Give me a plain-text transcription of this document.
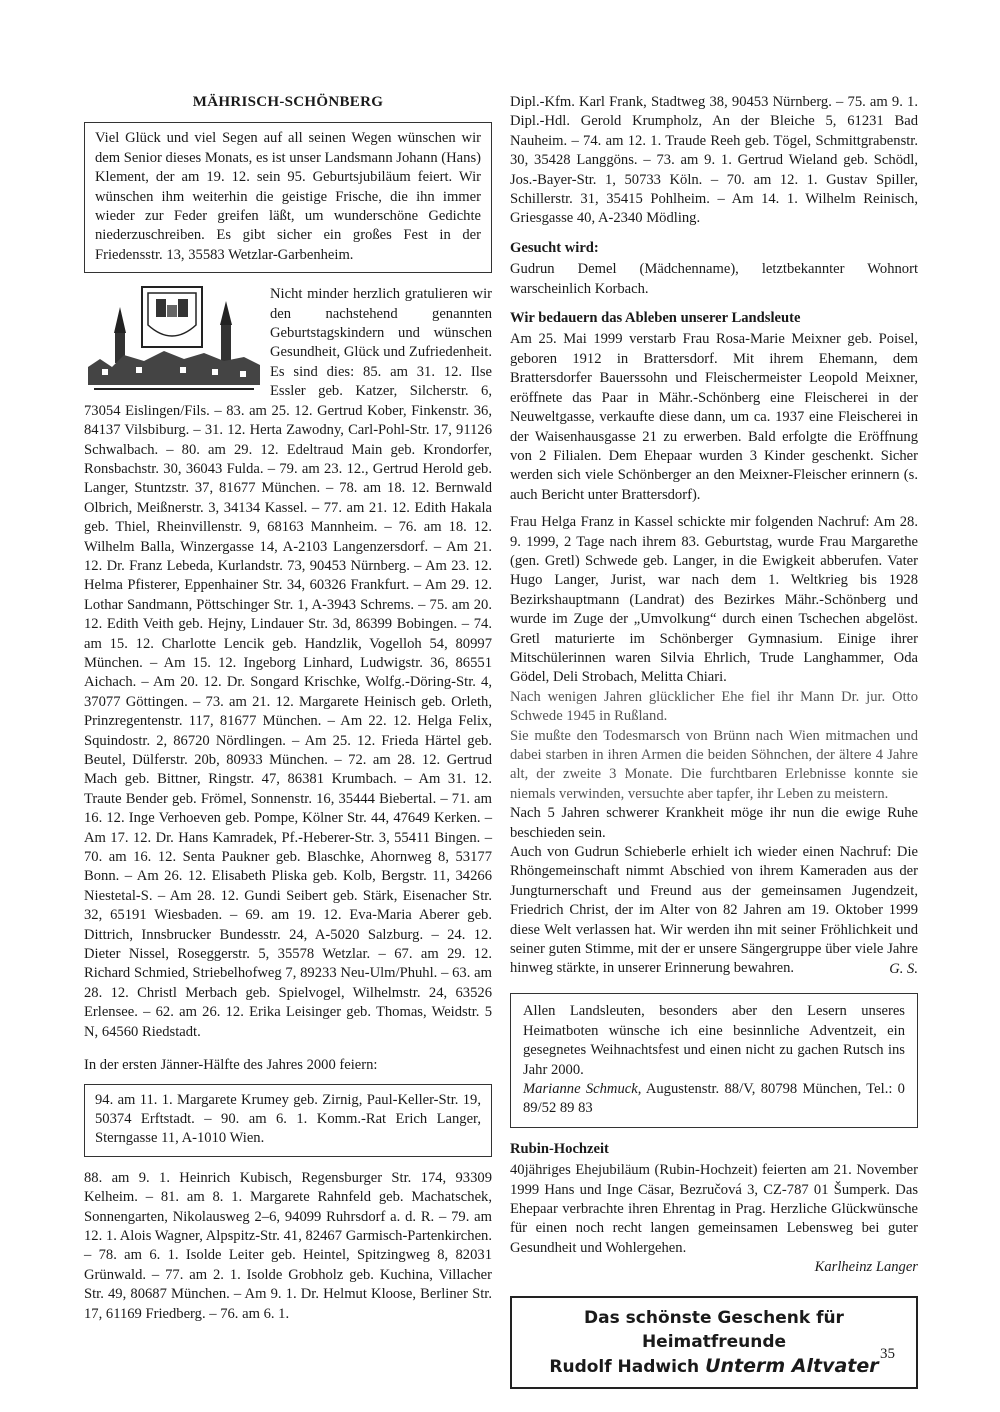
MÄHRISCH-SCHÖNBERG
Viel Glück und viel Segen auf all seinen Wegen wünschen wir dem Senior dieses Monats, es ist unser Landsmann Johann (Hans) Klement, der am 19. 12. sein 95. Geburtsjubiläum feiert. Wir wünschen ihm weiterhin die geistige Frische, die ihn immer wieder zur Feder greifen läßt, um wunderschöne Gedichte niederzuschreiben. Es gibt sicher ein großes Fest in der Friedensstr. 13, 35583 Wetzlar-Garbenheim.
Nicht minder herzlich gratulieren wir den nachstehend genannten Geburtstagskindern und wünschen Gesundheit, Glück und Zufriedenheit. Es sind dies: 85. am 31. 12. Ilse Essler geb. Katzer, Silcherstr. 6, 73054 Eislingen/Fils. – 83. am 25. 12. Gertrud Kober, Finkenstr. 36, 84137 Vilsbiburg. – 31. 12. Herta Zawodny, Carl-Pohl-Str. 17, 91126 Schwalbach. – 80. am 29. 12. Edeltraud Main geb. Krondorfer, Ronsbachstr. 30, 36043 Fulda. – 79. am 23. 12., Gertrud Herold geb. Langer, Stuntzstr. 37, 81677 München. – 78. am 18. 12. Bernwald Olbrich, Meißnerstr. 3, 34134 Kassel. – 77. am 21. 12. Edith Hakala geb. Thiel, Rheinvillenstr. 9, 68163 Mannheim. – 76. am 18. 12. Wilhelm Balla, Winzergasse 14, A-2103 Langenzersdorf. – Am 21. 12. Dr. Franz Lebeda, Kurlandstr. 73, 90453 Nürnberg. – Am 23. 12. Helma Pfisterer, Eppenhainer Str. 34, 60326 Frankfurt. – Am 29. 12. Lothar Sandmann, Pöttschinger Str. 1, A-3943 Schrems. – 75. am 20. 12. Edith Veith geb. Hejny, Lindauer Str. 3d, 86399 Bobingen. – 74. am 15. 12. Charlotte Lencik geb. Handzlik, Vogelloh 54, 80997 München. – Am 15. 12. Ingeborg Linhard, Ludwigstr. 36, 86551 Aichach. – Am 20. 12. Dr. Songard Krischke, Wolfg.-Döring-Str. 4, 37077 Göttingen. – 73. am 21. 12. Margarete Heinisch geb. Orleth, Prinzregentenstr. 117, 81677 München. – Am 22. 12. Helga Felix, Squindostr. 2, 86720 Nördlingen. – Am 25. 12. Frieda Härtel geb. Beutel, Dülferstr. 20b, 80933 München. – 72. am 28. 12. Gertrud Mach geb. Bittner, Ringstr. 47, 86381 Krumbach. – Am 31. 12. Traute Bender geb. Frömel, Sonnenstr. 16, 35444 Biebertal. – 71. am 16. 12. Inge Verhoeven geb. Pompe, Kölner Str. 44, 47649 Kerken. – Am 17. 12. Dr. Hans Kamradek, Pf.-Heberer-Str. 3, 55411 Bingen. – 70. am 16. 12. Senta Paukner geb. Blaschke, Ahornweg 8, 53177 Bonn. – Am 26. 12. Elisabeth Pliska geb. Kolb, Bergstr. 11, 34266 Niestetal-S. – Am 28. 12. Gundi Seibert geb. Stärk, Eisenacher Str. 32, 65191 Wiesbaden. – 69. am 19. 12. Eva-Maria Aberer geb. Dittrich, Innsbrucker Bundesstr. 24, A-5020 Salzburg. – 24. 12. Dieter Nissel, Roseggerstr. 5, 35578 Wetzlar. – 67. am 29. 12. Richard Schmied, Striebelhofweg 7, 89233 Neu-Ulm/Phuhl. – 63. am 28. 12. Christl Merbach geb. Spielvogel, Wilhelmstr. 24, 63526 Erlensee. – 62. am 26. 12. Erika Leisinger geb. Thomas, Weidstr. 5 N, 64560 Riedstadt.

In der ersten Jänner-Hälfte des Jahres 2000 feiern:

94. am 11. 1. Margarete Krumey geb. Zirnig, Paul-Keller-Str. 19, 50374 Erftstadt. – 90. am 6. 1. Komm.-Rat Erich Langer, Sterngasse 11, A-1010 Wien.

88. am 9. 1. Heinrich Kubisch, Regensburger Str. 174, 93309 Kelheim. – 81. am 8. 1. Margarete Rahnfeld geb. Machatschek, Sonnengarten, Nikolausweg 2–6, 94099 Ruhrsdorf a. d. R. – 79. am 12. 1. Alois Wagner, Alpspitz-Str. 41, 82467 Garmisch-Partenkirchen. – 78. am 6. 1. Isolde Leiter geb. Heintel, Spitzingweg 8, 82031 Grünwald. – 77. am 2. 1. Isolde Grobholz geb. Kuchina, Villacher Str. 49, 80687 München. – Am 9. 1. Dr. Helmut Kloose, Berliner Str. 17, 61169 Friedberg. – 76. am 6. 1.

Dipl.-Kfm. Karl Frank, Stadtweg 38, 90453 Nürnberg. – 75. am 9. 1. Dipl.-Hdl. Gerold Krumpholz, An der Bleiche 5, 61231 Bad Nauheim. – 74. am 12. 1. Traude Reeh geb. Tögel, Schmittgrabenstr. 30, 35428 Langgöns. – 73. am 9. 1. Gertrud Wieland geb. Schödl, Jos.-Bayer-Str. 1, 50733 Köln. – 70. am 12. 1. Gustav Spiller, Schillerstr. 31, 35415 Pohlheim. – Am 14. 1. Wilhelm Reinisch, Griesgasse 40, A-2340 Mödling.

Gesucht wird:

Gudrun Demel (Mädchenname), letztbekannter Wohnort warscheinlich Korbach.

Wir bedauern das Ableben unserer Landsleute

Am 25. Mai 1999 verstarb Frau Rosa-Marie Meixner geb. Poisel, geboren 1912 in Brattersdorf. Mit ihrem Ehemann, dem Brattersdorfer Bauerssohn und Fleischermeister Leopold Meixner, eröffnete das Paar in Mähr.-Schönberg eine Fleischerei in der Neuweltgasse, verkaufte diese dann, um ca. 1937 eine Fleischerei in der Waisenhausgasse 21 zu erwerben. Bald erfolgte die Eröffnung von 2 Filialen. Dem Ehepaar wurden 3 Kinder geschenkt. Sicher werden sich viele Schönberger an den Meixner-Fleischer erinnern (s. auch Bericht unter Brattersdorf).

Frau Helga Franz in Kassel schickte mir folgenden Nachruf: Am 28. 9. 1999, 2 Tage nach ihrem 83. Geburtstag, wurde Frau Margarethe (gen. Gretl) Schwede geb. Langer, in die Ewigkeit abberufen. Vater Hugo Langer, Jurist, war nach dem 1. Weltkrieg bis 1928 Bezirkshauptmann (Landrat) des Bezirkes Mähr.-Schönberg und wurde im Zuge der „Umvolkung“ durch einen Tschechen abgelöst. Gretl maturierte im Schönberger Gymnasium. Einige ihrer Mitschülerinnen waren Silvia Ehrlich, Trude Langhammer, Oda Gödel, Deli Strobach, Melitta Chiari.

Nach wenigen Jahren glücklicher Ehe fiel ihr Mann Dr. jur. Otto Schwede 1945 in Rußland.

Sie mußte den Todesmarsch von Brünn nach Wien mitmachen und dabei starben in ihren Armen die beiden Söhnchen, der ältere 4 Jahre alt, der zweite 3 Monate. Die furchtbaren Erlebnisse konnte sie niemals verwinden, versuchte aber tapfer, ihr Leben zu meistern.

Nach 5 Jahren schwerer Krankheit möge ihr nun die ewige Ruhe beschieden sein.

Auch von Gudrun Schieberle erhielt ich wieder einen Nachruf: Die Rhöngemeinschaft nimmt Abschied von ihrem Kameraden aus der Jungturnerschaft und Freund aus der gemeinsamen Jugendzeit, Friedrich Christ, der im Alter von 82 Jahren am 19. Oktober 1999 diese Welt verlassen hat. Wir werden ihn mit seiner Fröhlichkeit und seiner guten Stimme, mit der er unsere Sängergruppe über viele Jahre hinweg stärkte, in unserer Erinnerung bewahren.	G. S.
Allen Landsleuten, besonders aber den Lesern unseres Heimatboten wünsche ich eine besinnliche Adventzeit, ein gesegnetes Weihnachtsfest und einen nicht zu gachen Rutsch ins Jahr 2000.
Marianne Schmuck, Augustenstr. 88/V, 80798 München, Tel.: 0 89/52 89 83
Rubin-Hochzeit

40jähriges Ehejubiläum (Rubin-Hochzeit) feierten am 21. November 1999 Hans und Inge Cäsar, Bezručová 3, CZ-787 01 Šumperk. Das Ehepaar verbrachte ihren Ehrentag in Prag. Herzliche Glückwünsche für einen noch recht langen gemeinsamen Lebensweg bei guter Gesundheit und Wohlergehen.

Karlheinz Langer
Das schönste Geschenk für Heimatfreunde
Rudolf Hadwich Unterm Altvater
35
